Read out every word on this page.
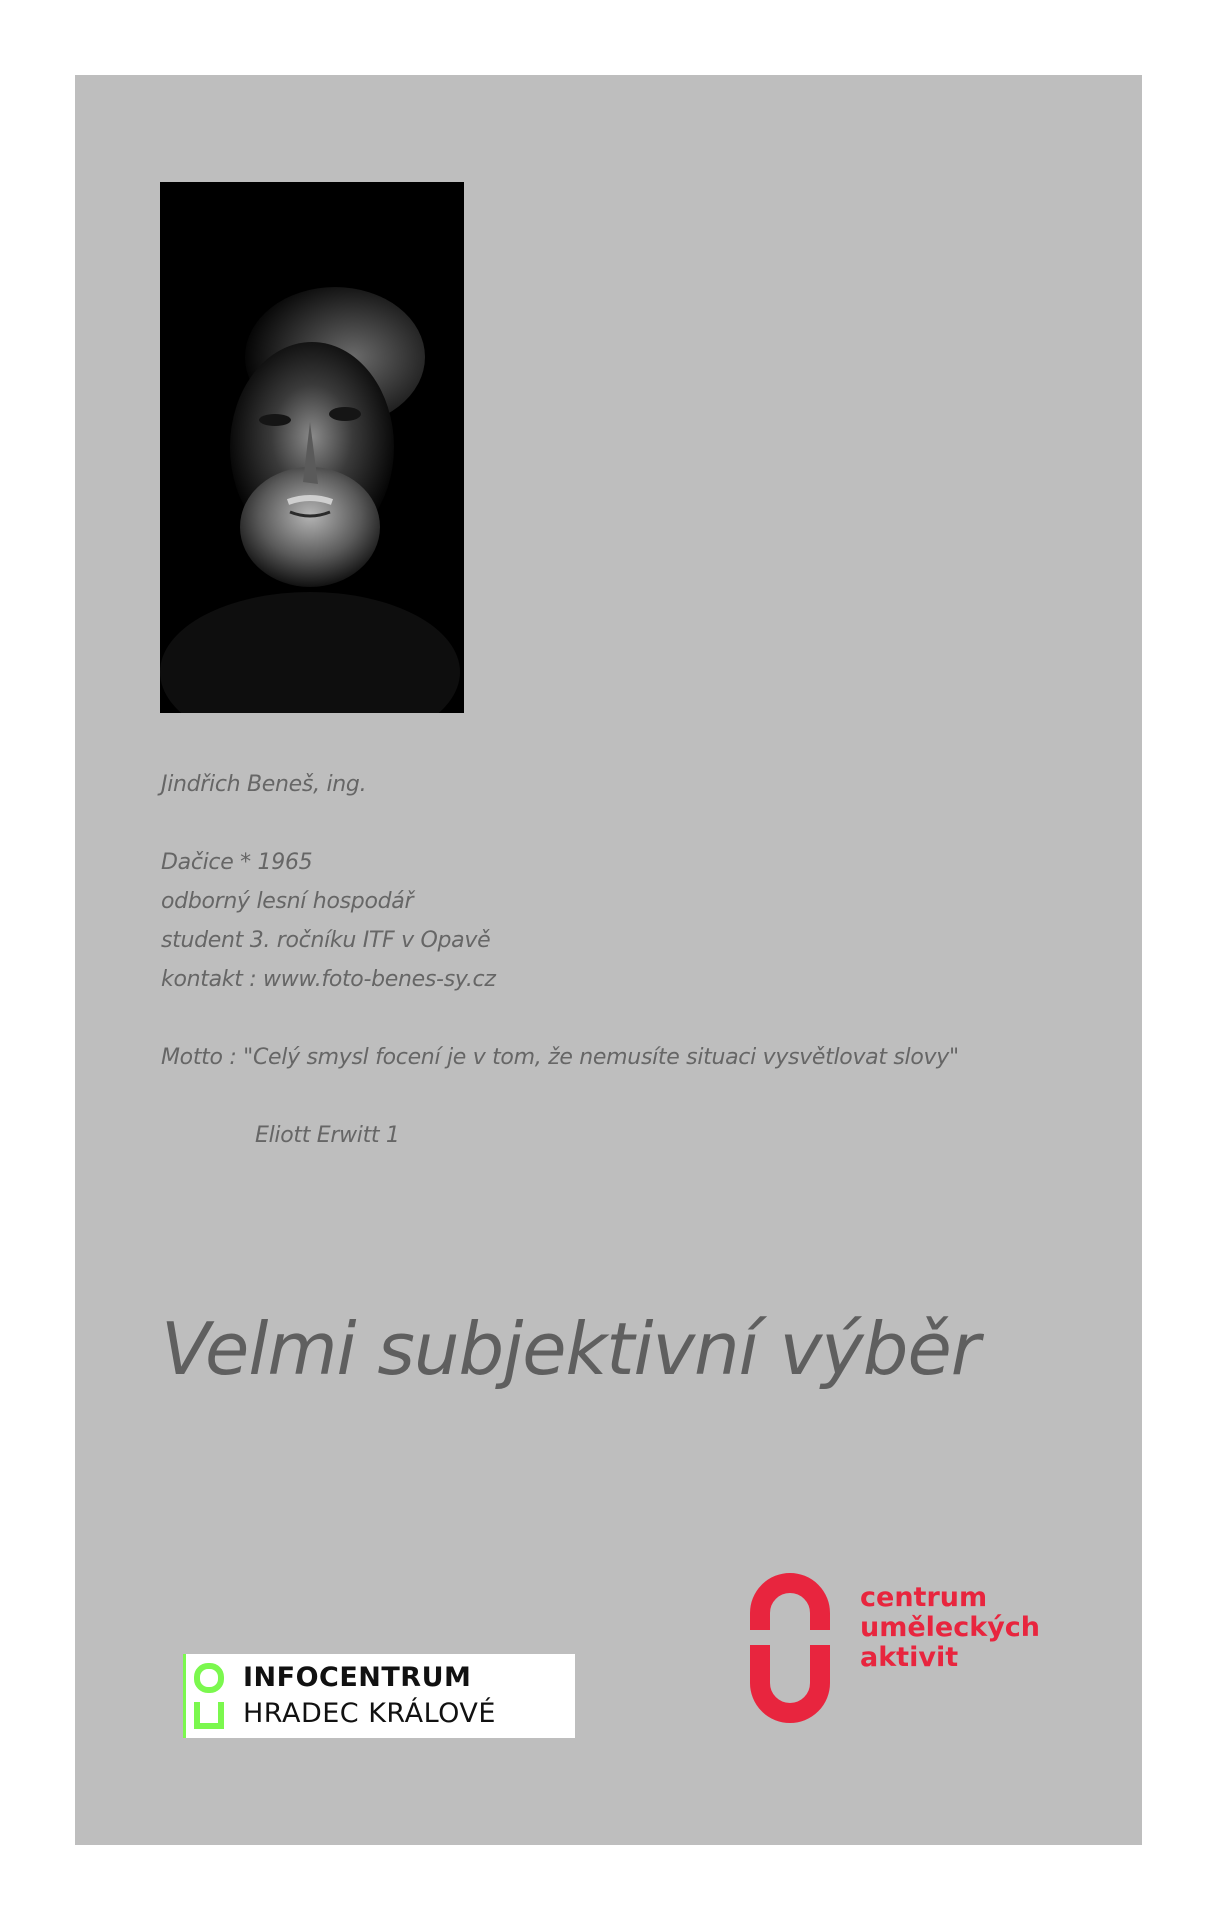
Jindřich Beneš, ing.
Dačice * 1965
odborný lesní hospodář
student 3. ročníku ITF v Opavě
kontakt : www.foto-benes-sy.cz
Motto : "Celý smysl focení je v tom, že nemusíte situaci vysvětlovat slovy"
Eliott Erwitt 1
Velmi subjektivní výběr
INFOCENTRUM
HRADEC KRÁLOVÉ
centrum
uměleckých
aktivit
